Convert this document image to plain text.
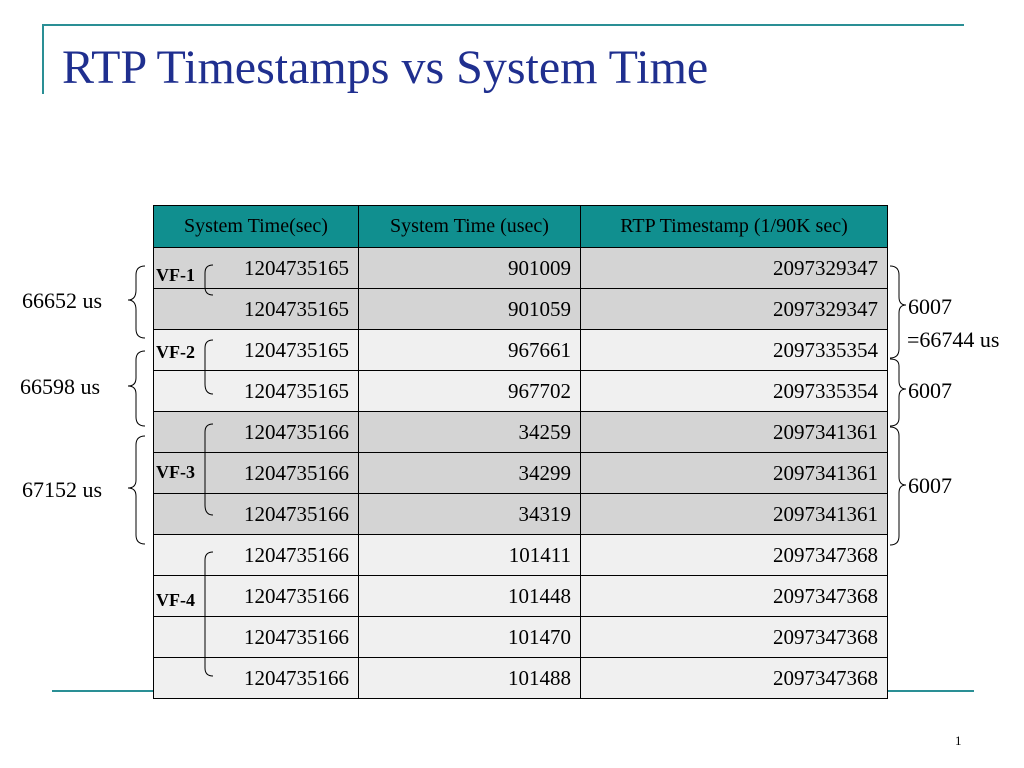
RTP Timestamps vs System Time
System Time(sec)	System Time (usec)	RTP Timestamp (1/90K sec)
1204735165	901009	2097329347
1204735165	901059	2097329347
1204735165	967661	2097335354
1204735165	967702	2097335354
1204735166	34259	2097341361
1204735166	34299	2097341361
1204735166	34319	2097341361
1204735166	101411	2097347368
1204735166	101448	2097347368
1204735166	101470	2097347368
1204735166	101488	2097347368
VF-1
VF-2
VF-3
VF-4
66652 us
66598 us
67152 us
6007
=66744 us
6007
6007
1
